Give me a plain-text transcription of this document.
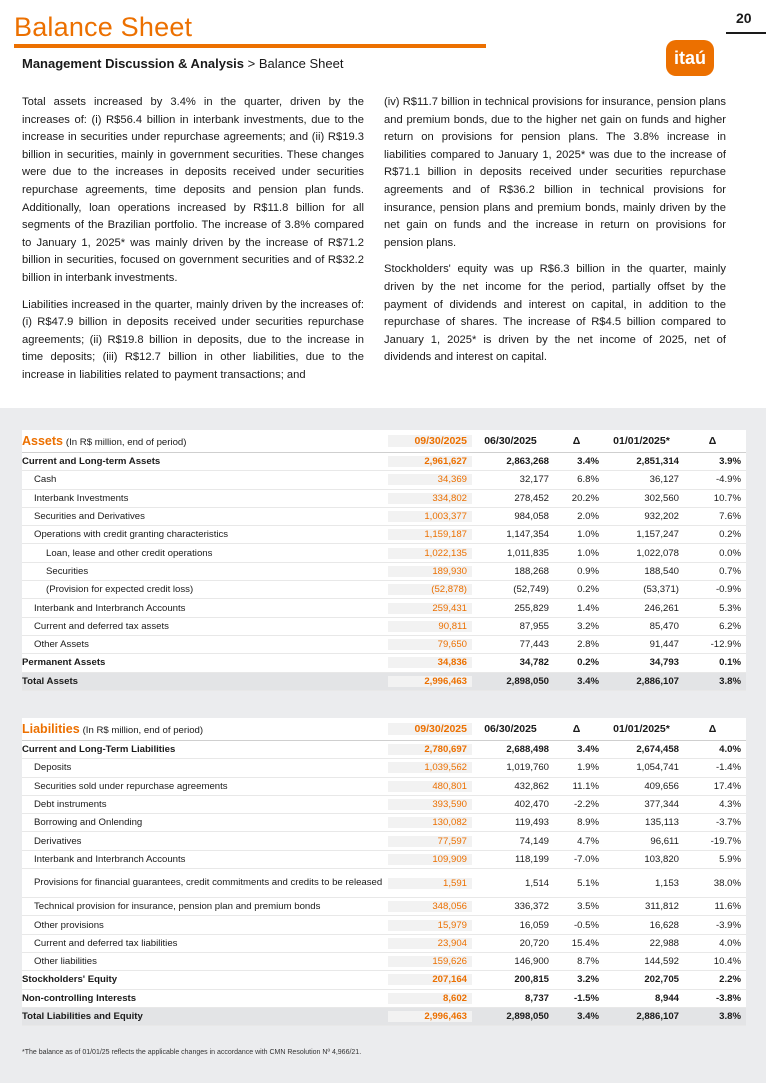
Balance Sheet	20
itaú
Management Discussion & Analysis > Balance Sheet

Total assets increased by 3.4% in the quarter, driven by the increases of: (i) R$56.4 billion in interbank investments, due to the increase in securities under repurchase agreements; and (ii) R$19.3 billion in securities, mainly in government securities. These changes were due to the increases in deposits received under securities repurchase agreements, time deposits and pension plan funds. Additionally, loan operations increased by R$11.8 billion for all segments of the Brazilian portfolio. The increase of 3.8% compared to January 1, 2025* was mainly driven by the increase of R$71.2 billion in securities, focused on government securities and of R$32.2 billion in interbank investments.

Liabilities increased in the quarter, mainly driven by the increases of: (i) R$47.9 billion in deposits received under securities repurchase agreements; (ii) R$19.8 billion in deposits, due to the increase in time deposits; (iii) R$12.7 billion in other liabilities, due to the increase in liabilities related to payment transactions; and

(iv) R$11.7 billion in technical provisions for insurance, pension plans and premium bonds, due to the higher net gain on funds and higher return on provisions for pension plans. The 3.8% increase in liabilities compared to January 1, 2025* was due to the increase of R$71.1 billion in deposits received under securities repurchase agreements and of R$36.2 billion in technical provisions for insurance, pension plans and premium bonds, mainly driven by the net gain on funds and the increase in return on provisions for pension plans.

Stockholders' equity was up R$6.3 billion in the quarter, mainly driven by the net income for the period, partially offset by the payment of dividends and interest on capital, in addition to the repurchase of shares. The increase of R$4.5 billion compared to January 1, 2025* is driven by the net income of 2025, net of dividends and interest on capital.

Assets (In R$ million, end of period)	09/30/2025	06/30/2025	Δ	01/01/2025*	Δ
Current and Long-term Assets	2,961,627	2,863,268	3.4%	2,851,314	3.9%
Cash	34,369	32,177	6.8%	36,127	-4.9%
Interbank Investments	334,802	278,452	20.2%	302,560	10.7%
Securities and Derivatives	1,003,377	984,058	2.0%	932,202	7.6%
Operations with credit granting characteristics	1,159,187	1,147,354	1.0%	1,157,247	0.2%
Loan, lease and other credit operations	1,022,135	1,011,835	1.0%	1,022,078	0.0%
Securities	189,930	188,268	0.9%	188,540	0.7%
(Provision for expected credit loss)	(52,878)	(52,749)	0.2%	(53,371)	-0.9%
Interbank and Interbranch Accounts	259,431	255,829	1.4%	246,261	5.3%
Current and deferred tax assets	90,811	87,955	3.2%	85,470	6.2%
Other Assets	79,650	77,443	2.8%	91,447	-12.9%
Permanent Assets	34,836	34,782	0.2%	34,793	0.1%
Total Assets	2,996,463	2,898,050	3.4%	2,886,107	3.8%
Liabilities (In R$ million, end of period)	09/30/2025	06/30/2025	Δ	01/01/2025*	Δ
Current and Long-Term Liabilities	2,780,697	2,688,498	3.4%	2,674,458	4.0%
Deposits	1,039,562	1,019,760	1.9%	1,054,741	-1.4%
Securities sold under repurchase agreements	480,801	432,862	11.1%	409,656	17.4%
Debt instruments	393,590	402,470	-2.2%	377,344	4.3%
Borrowing and Onlending	130,082	119,493	8.9%	135,113	-3.7%
Derivatives	77,597	74,149	4.7%	96,611	-19.7%
Interbank and Interbranch Accounts	109,909	118,199	-7.0%	103,820	5.9%
Provisions for financial guarantees, credit commitments and credits to be released	1,591	1,514	5.1%	1,153	38.0%
Technical provision for insurance, pension plan and premium bonds	348,056	336,372	3.5%	311,812	11.6%
Other provisions	15,979	16,059	-0.5%	16,628	-3.9%
Current and deferred tax liabilities	23,904	20,720	15.4%	22,988	4.0%
Other liabilities	159,626	146,900	8.7%	144,592	10.4%
Stockholders' Equity	207,164	200,815	3.2%	202,705	2.2%
Non-controlling Interests	8,602	8,737	-1.5%	8,944	-3.8%
Total Liabilities and Equity	2,996,463	2,898,050	3.4%	2,886,107	3.8%
*The balance as of 01/01/25 reflects the applicable changes in accordance with CMN Resolution Nº 4,966/21.
